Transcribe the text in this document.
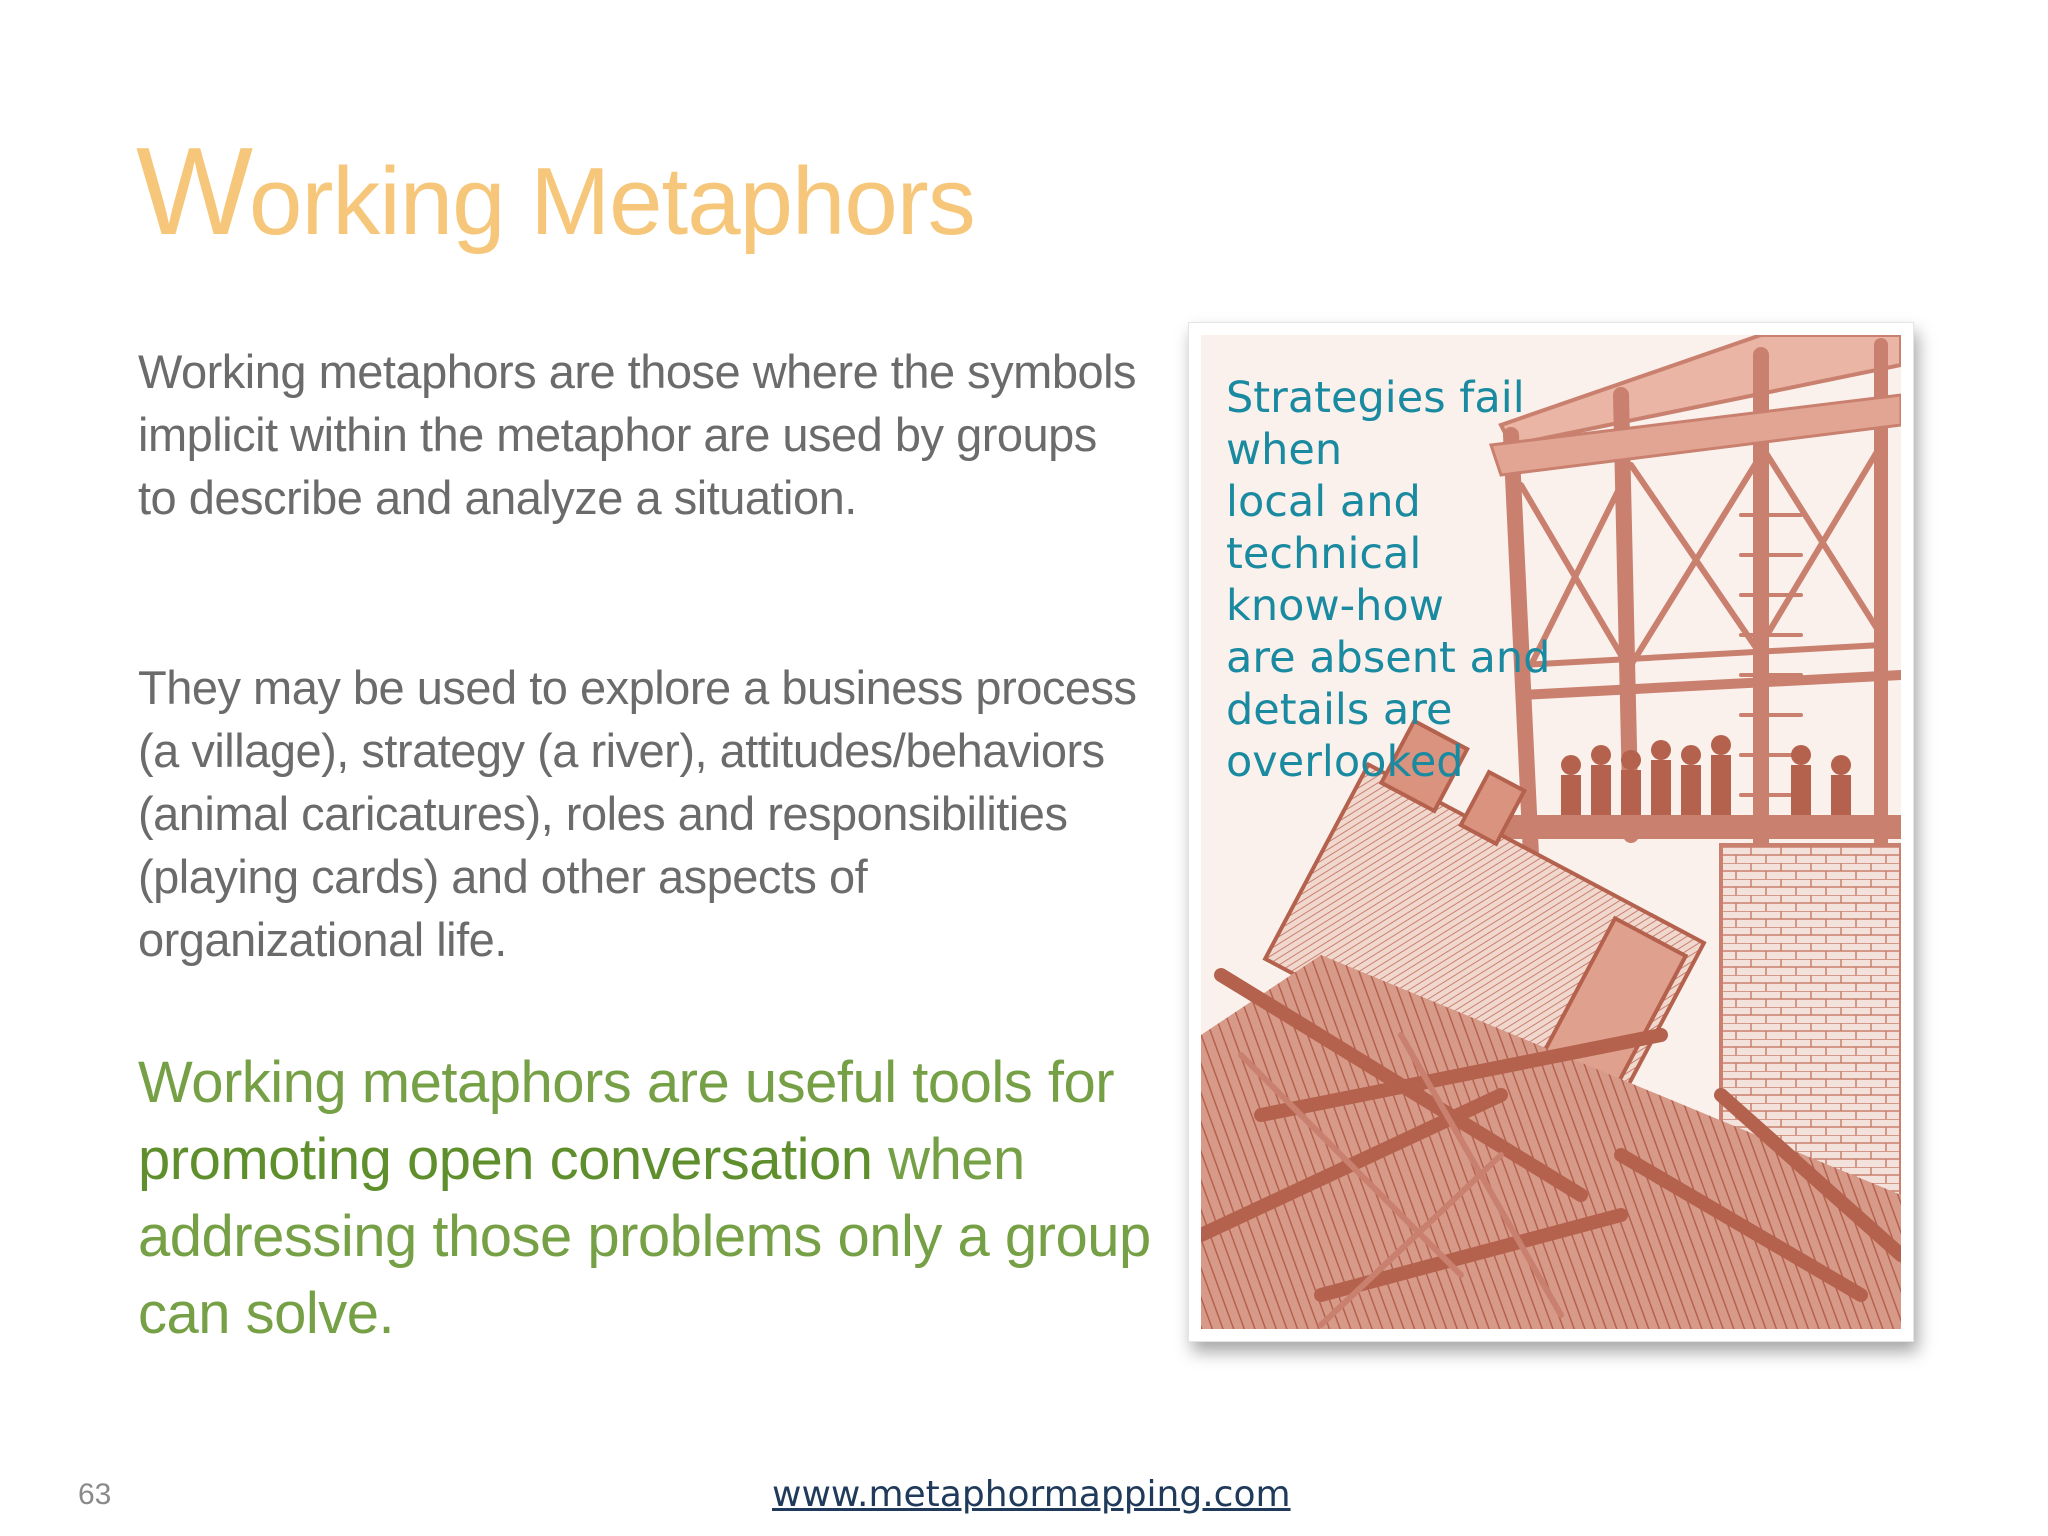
Working Metaphors

Working metaphors are those where the symbols implicit within the metaphor are used by groups to describe and analyze a situation.

They may be used to explore a business process (a village), strategy (a river), attitudes/behaviors (animal caricatures), roles and responsibilities (playing cards) and other aspects of organizational life.

Working metaphors are useful tools for promoting open conversation when addressing those problems only a group can solve.

Strategies fail
when
local and
technical
know-how
are absent and
details are
overlooked
63	www.metaphormapping.com
